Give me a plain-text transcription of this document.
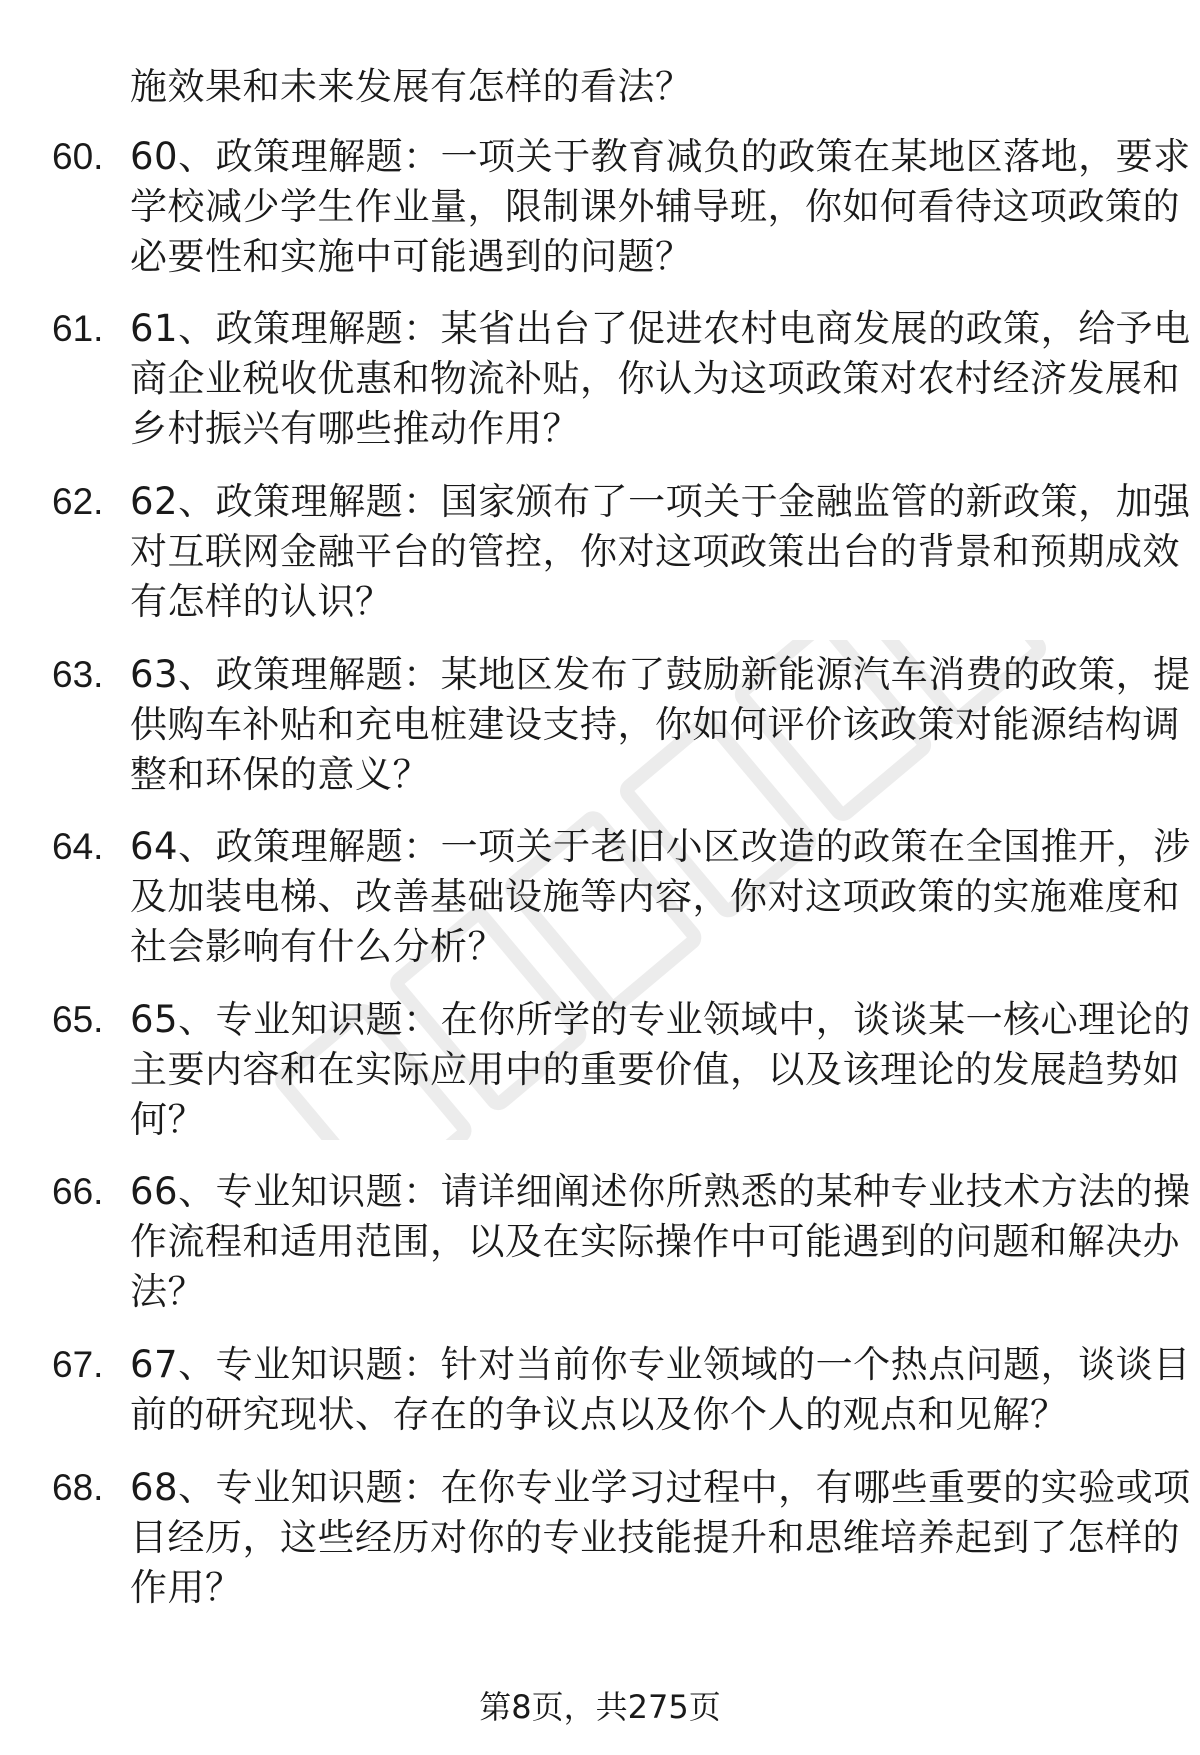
施效果和未来发展有怎样的看法？
60. 60、政策理解题：一项关于教育减负的政策在某地区落地，要求
学校减少学生作业量，限制课外辅导班，你如何看待这项政策的
必要性和实施中可能遇到的问题？
61. 61、政策理解题：某省出台了促进农村电商发展的政策，给予电
商企业税收优惠和物流补贴，你认为这项政策对农村经济发展和
乡村振兴有哪些推动作用？
62. 62、政策理解题：国家颁布了一项关于金融监管的新政策，加强
对互联网金融平台的管控，你对这项政策出台的背景和预期成效
有怎样的认识？
63. 63、政策理解题：某地区发布了鼓励新能源汽车消费的政策，提
供购车补贴和充电桩建设支持，你如何评价该政策对能源结构调
整和环保的意义？
64. 64、政策理解题：一项关于老旧小区改造的政策在全国推开，涉
及加装电梯、改善基础设施等内容，你对这项政策的实施难度和
社会影响有什么分析？
65. 65、专业知识题：在你所学的专业领域中，谈谈某一核心理论的
主要内容和在实际应用中的重要价值，以及该理论的发展趋势如
何？
66. 66、专业知识题：请详细阐述你所熟悉的某种专业技术方法的操
作流程和适用范围，以及在实际操作中可能遇到的问题和解决办
法？
67. 67、专业知识题：针对当前你专业领域的一个热点问题，谈谈目
前的研究现状、存在的争议点以及你个人的观点和见解？
68. 68、专业知识题：在你专业学习过程中，有哪些重要的实验或项
目经历，这些经历对你的专业技能提升和思维培养起到了怎样的
作用？
第8页，共275页
